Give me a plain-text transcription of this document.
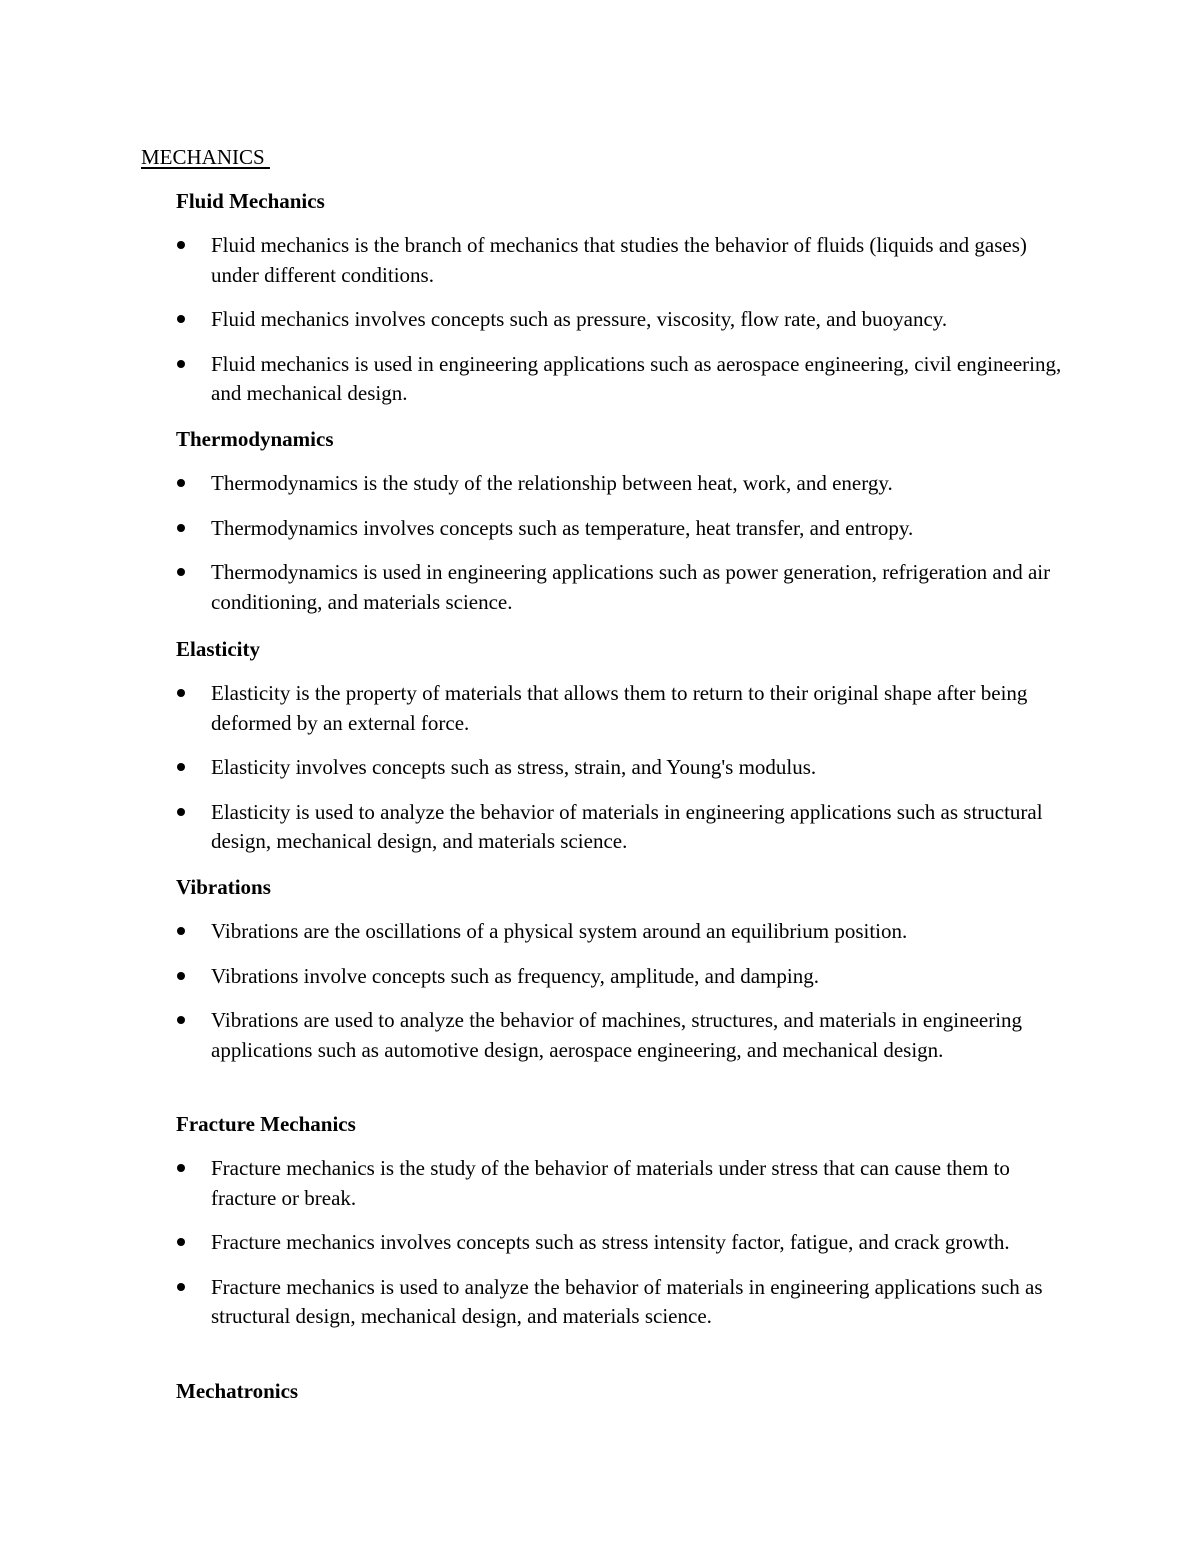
MECHANICS
Fluid Mechanics
Fluid mechanics is the branch of mechanics that studies the behavior of fluids (liquids and gases) under different conditions.
Fluid mechanics involves concepts such as pressure, viscosity, flow rate, and buoyancy.
Fluid mechanics is used in engineering applications such as aerospace engineering, civil engineering, and mechanical design.
Thermodynamics
Thermodynamics is the study of the relationship between heat, work, and energy.
Thermodynamics involves concepts such as temperature, heat transfer, and entropy.
Thermodynamics is used in engineering applications such as power generation, refrigeration and air conditioning, and materials science.
Elasticity
Elasticity is the property of materials that allows them to return to their original shape after being deformed by an external force.
Elasticity involves concepts such as stress, strain, and Young's modulus.
Elasticity is used to analyze the behavior of materials in engineering applications such as structural design, mechanical design, and materials science.
Vibrations
Vibrations are the oscillations of a physical system around an equilibrium position.
Vibrations involve concepts such as frequency, amplitude, and damping.
Vibrations are used to analyze the behavior of machines, structures, and materials in engineering applications such as automotive design, aerospace engineering, and mechanical design.
Fracture Mechanics
Fracture mechanics is the study of the behavior of materials under stress that can cause them to fracture or break.
Fracture mechanics involves concepts such as stress intensity factor, fatigue, and crack growth.
Fracture mechanics is used to analyze the behavior of materials in engineering applications such as structural design, mechanical design, and materials science.
Mechatronics
